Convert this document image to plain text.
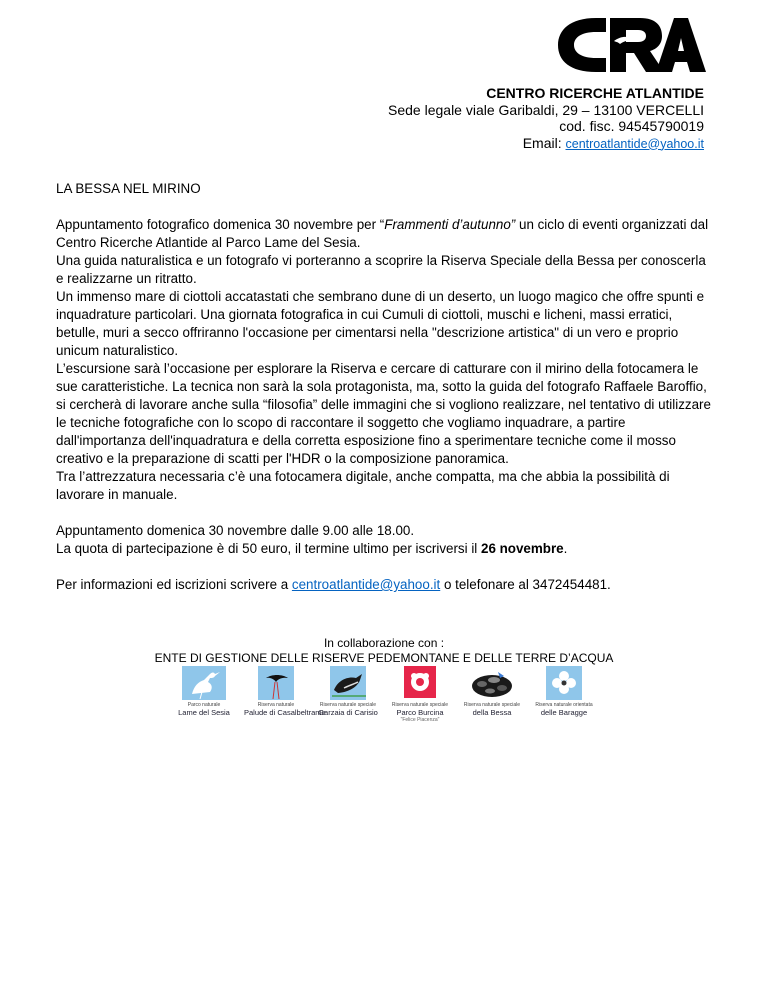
CENTRO RICERCHE ATLANTIDE
Sede legale viale Garibaldi, 29 – 13100 VERCELLI
cod. fisc. 94545790019
Email: centroatlantide@yahoo.it

LA BESSA NEL MIRINO

Appuntamento fotografico domenica 30 novembre per “Frammenti d’autunno” un ciclo di eventi organizzati dal Centro Ricerche Atlantide al Parco Lame del Sesia.

Una guida naturalistica e un fotografo vi porteranno a scoprire la Riserva Speciale della Bessa per conoscerla e realizzarne un ritratto.

Un immenso mare di ciottoli accatastati che sembrano dune di un deserto, un luogo magico che offre spunti e inquadrature particolari. Una giornata fotografica in cui Cumuli di ciottoli, muschi e licheni, massi erratici, betulle, muri a secco offriranno l'occasione per cimentarsi nella "descrizione artistica" di un vero e proprio unicum naturalistico.

L’escursione sarà l’occasione per esplorare la Riserva e cercare di catturare con il mirino della fotocamera le sue caratteristiche. La tecnica non sarà la sola protagonista, ma, sotto la guida del fotografo Raffaele Baroffio, si cercherà di lavorare anche sulla “filosofia” delle immagini che si vogliono realizzare, nel tentativo di utilizzare le tecniche fotografiche con lo scopo di raccontare il soggetto che vogliamo inquadrare, a partire dall'importanza dell'inquadratura e della corretta esposizione fino a sperimentare tecniche come il mosso creativo e la preparazione di scatti per l'HDR o la composizione panoramica.

Tra l’attrezzatura necessaria c’è una fotocamera digitale, anche compatta, ma che abbia la possibilità di lavorare in manuale.

Appuntamento domenica 30 novembre dalle 9.00 alle 18.00.

La quota di partecipazione è di 50 euro, il termine ultimo per iscriversi il 26 novembre.

Per informazioni ed iscrizioni scrivere a centroatlantide@yahoo.it o telefonare al 3472454481.

In collaborazione con :

ENTE DI GESTIONE DELLE RISERVE PEDEMONTANE E DELLE TERRE D’ACQUA

Parco naturale
Lame del Sesia
Riserva naturale
Palude di Casalbeltrame
Riserva naturale speciale
Garzaia di Carisio
Riserva naturale speciale
Parco Burcina
"Felice Piacenza"
Riserva naturale speciale
della Bessa
Riserva naturale orientata
delle Baragge
